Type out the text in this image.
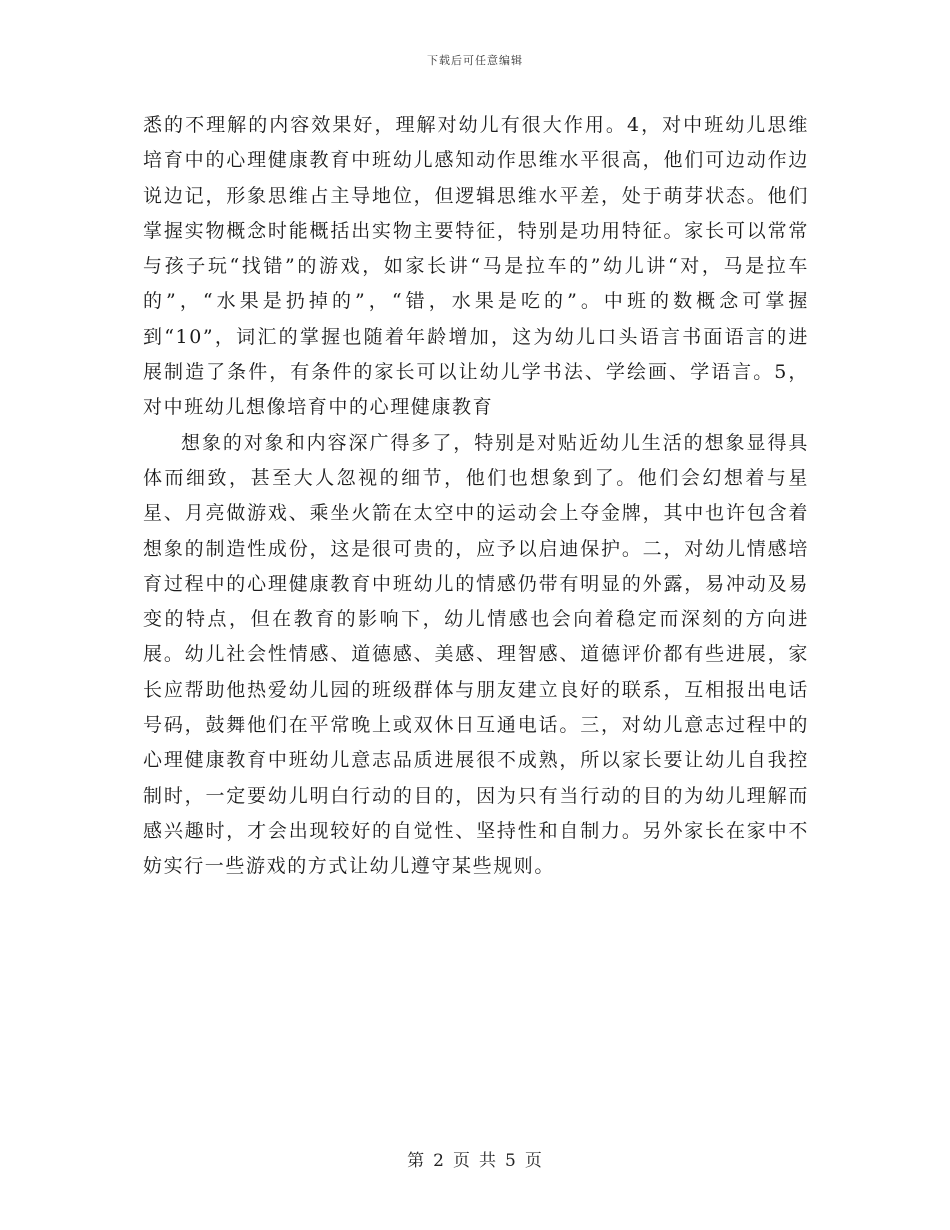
下载后可任意编辑

悉的不理解的内容效果好，理解对幼儿有很大作用。4，对中班幼儿思维培育中的心理健康教育中班幼儿感知动作思维水平很高，他们可边动作边说边记，形象思维占主导地位，但逻辑思维水平差，处于萌芽状态。他们掌握实物概念时能概括出实物主要特征，特别是功用特征。家长可以常常与孩子玩“找错”的游戏，如家长讲“马是拉车的”幼儿讲“对，马是拉车的”，“水果是扔掉的”，“错，水果是吃的”。中班的数概念可掌握到“10”，词汇的掌握也随着年龄增加，这为幼儿口头语言书面语言的进展制造了条件，有条件的家长可以让幼儿学书法、学绘画、学语言。5，对中班幼儿想像培育中的心理健康教育

想象的对象和内容深广得多了，特别是对贴近幼儿生活的想象显得具体而细致，甚至大人忽视的细节，他们也想象到了。他们会幻想着与星星、月亮做游戏、乘坐火箭在太空中的运动会上夺金牌，其中也许包含着想象的制造性成份，这是很可贵的，应予以启迪保护。二，对幼儿情感培育过程中的心理健康教育中班幼儿的情感仍带有明显的外露，易冲动及易变的特点，但在教育的影响下，幼儿情感也会向着稳定而深刻的方向进展。幼儿社会性情感、道德感、美感、理智感、道德评价都有些进展，家长应帮助他热爱幼儿园的班级群体与朋友建立良好的联系，互相报出电话号码，鼓舞他们在平常晚上或双休日互通电话。三，对幼儿意志过程中的心理健康教育中班幼儿意志品质进展很不成熟，所以家长要让幼儿自我控制时，一定要幼儿明白行动的目的，因为只有当行动的目的为幼儿理解而感兴趣时，才会出现较好的自觉性、坚持性和自制力。另外家长在家中不妨实行一些游戏的方式让幼儿遵守某些规则。

第 2 页 共 5 页
